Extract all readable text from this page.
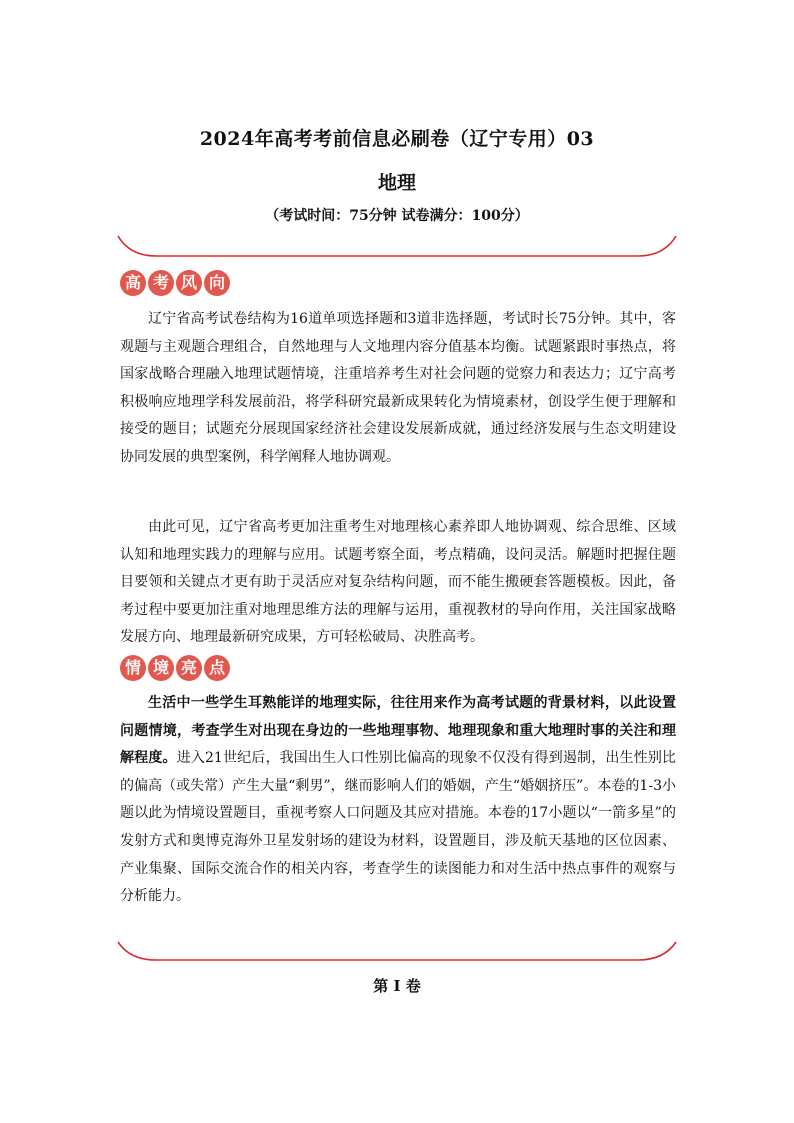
2024年高考考前信息必刷卷（辽宁专用）03
地理
（考试时间：75分钟 试卷满分：100分）
高 考 风 向

辽宁省高考试卷结构为16道单项选择题和3道非选择题，考试时长75分钟。其中，客观题与主观题合理组合，自然地理与人文地理内容分值基本均衡。试题紧跟时事热点，将国家战略合理融入地理试题情境，注重培养考生对社会问题的觉察力和表达力；辽宁高考积极响应地理学科发展前沿，将学科研究最新成果转化为情境素材，创设学生便于理解和接受的题目；试题充分展现国家经济社会建设发展新成就，通过经济发展与生态文明建设协同发展的典型案例，科学阐释人地协调观。

由此可见，辽宁省高考更加注重考生对地理核心素养即人地协调观、综合思维、区域认知和地理实践力的理解与应用。试题考察全面，考点精确，设问灵活。解题时把握住题目要领和关键点才更有助于灵活应对复杂结构问题，而不能生搬硬套答题模板。因此，备考过程中要更加注重对地理思维方法的理解与运用，重视教材的导向作用，关注国家战略发展方向、地理最新研究成果，方可轻松破局、决胜高考。

情 境 亮 点

生活中一些学生耳熟能详的地理实际，往往用来作为高考试题的背景材料，以此设置问题情境，考查学生对出现在身边的一些地理事物、地理现象和重大地理时事的关注和理解程度。进入21世纪后，我国出生人口性别比偏高的现象不仅没有得到遏制，出生性别比的偏高（或失常）产生大量“剩男”，继而影响人们的婚姻，产生“婚姻挤压”。本卷的1-3小题以此为情境设置题目，重视考察人口问题及其应对措施。本卷的17小题以“一箭多星”的发射方式和奥博克海外卫星发射场的建设为材料，设置题目，涉及航天基地的区位因素、产业集聚、国际交流合作的相关内容，考查学生的读图能力和对生活中热点事件的观察与分析能力。

第 I 卷
